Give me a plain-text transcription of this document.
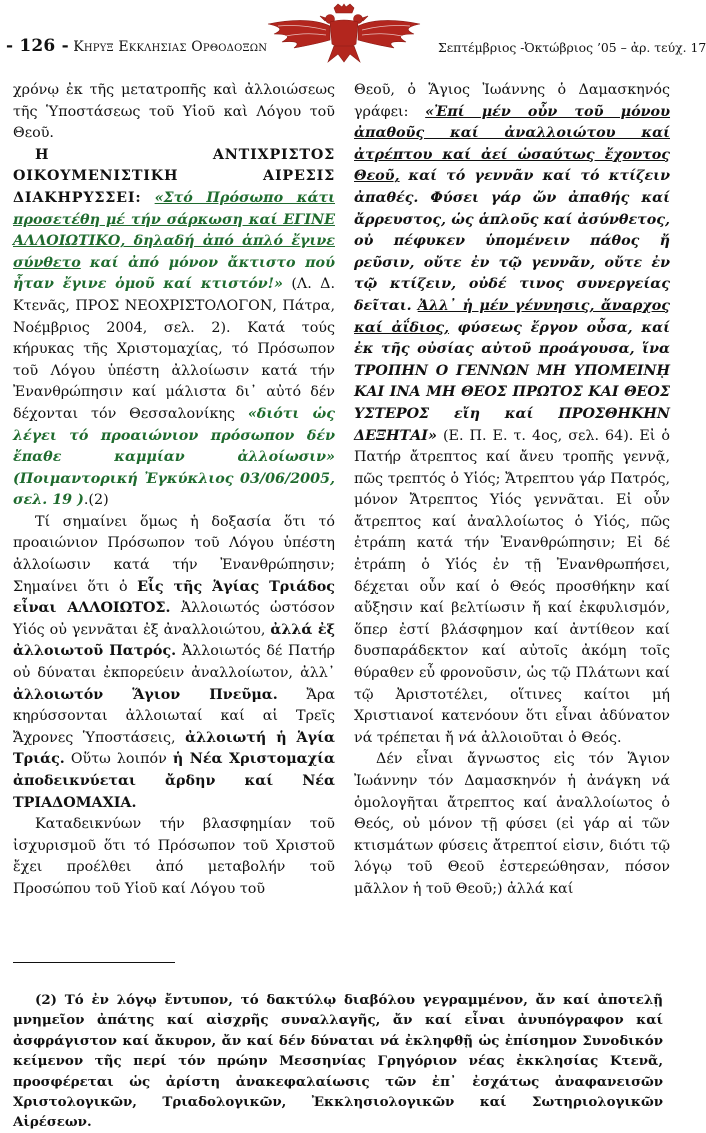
- 126 - Κηρυξ Εκκλησιας Ορθοδοξων	Σεπτέμβριος -Ὀκτώβριος ’05 – ἀρ. τεύχ. 17

χρόνῳ ἐκ τῆς μετατροπῆς καὶ ἀλλοιώσεως τῆς Ὑποστάσεως τοῦ Υἱοῦ καὶ Λόγου τοῦ Θεοῦ.

Η ΑΝΤΙΧΡΙΣΤΟΣ ΟΙΚΟΥΜΕΝΙΣΤΙΚΗ ΑΙΡΕΣΙΣ ΔΙΑΚΗΡΥΣΣΕΙ: «Στό Πρόσωπο κάτι προσετέθη μέ τήν σάρκωση καί ΕΓΙΝΕ ΑΛΛΟΙΩΤΙΚΟ, δηλαδή ἀπό ἁπλό ἔγινε σύνθετο καί ἀπό μόνον ἄκτιστο πού ἦταν ἔγινε ὁμοῦ καί κτιστόν!» (Λ. Δ. Κτενᾶς, ΠΡΟΣ ΝΕΟΧΡΙΣΤΟΛΟΓΟΝ, Πάτρα, Νοέμβριος 2004, σελ. 2). Κατά τούς κήρυκας τῆς Χριστομαχίας, τό Πρόσωπον τοῦ Λόγου ὑπέστη ἀλλοίωσιν κατά τήν Ἐνανθρώπησιν καί μάλιστα δι᾿ αὐτό δέν δέχονται τόν Θεσσαλονίκης «διότι ὡς λέγει τό προαιώνιον πρόσωπον δέν ἔπαθε καμμίαν ἀλλοίωσιν» (Ποιμαντορική Ἐγκύκλιος 03/06/2005, σελ. 19 ).(2)

Τί σημαίνει ὅμως ἡ δοξασία ὅτι τό προαιώνιον Πρόσωπον τοῦ Λόγου ὑπέστη ἀλλοίωσιν κατά τήν Ἐνανθρώπησιν; Σημαίνει ὅτι ὁ Εἷς τῆς Ἁγίας Τριάδος εἶναι ΑΛΛΟΙΩΤΟΣ. Ἀλλοιωτός ὡστόσον Υἱός οὐ γεννᾶται ἐξ ἀναλλοιώτου, ἀλλά ἐξ ἀλλοιωτοῦ Πατρός. Ἀλλοιωτός δέ Πατήρ οὐ δύναται ἐκπορεύειν ἀναλλοίωτον, ἀλλ᾿ ἀλλοιωτόν Ἅγιον Πνεῦμα. Ἄρα κηρύσσονται ἀλλοιωταί καί αἱ Τρεῖς Ἄχρονες Ὑποστάσεις, ἀλλοιωτή ἡ Ἁγία Τριάς. Οὕτω λοιπόν ἡ Νέα Χριστομαχία ἀποδεικνύεται ἄρδην καί Νέα ΤΡΙΑΔΟΜΑΧΙΑ.

Καταδεικνύων τήν βλασφημίαν τοῦ ἰσχυρισμοῦ ὅτι τό Πρόσωπον τοῦ Χριστοῦ ἔχει προέλθει ἀπό μεταβολήν τοῦ Προσώπου τοῦ Υἱοῦ καί Λόγου τοῦ

Θεοῦ, ὁ Ἅγιος Ἰωάννης ὁ Δαμασκηνός γράφει: «Ἐπί μέν οὖν τοῦ μόνου ἀπαθοῦς καί ἀναλλοιώτου καί ἀτρέπτου καί ἀεί ὡσαύτως ἔχοντος Θεοῦ, καί τό γεννᾶν καί τό κτίζειν ἀπαθές. Φύσει γάρ ὤν ἀπαθής καί ἄρρευστος, ὡς ἁπλοῦς καί ἀσύνθετος, οὐ πέφυκεν ὑπομένειν πάθος ἤ ρεῦσιν, οὔτε ἐν τῷ γεννᾶν, οὔτε ἐν τῷ κτίζειν, οὐδέ τινος συνεργείας δεῖται. Ἀλλ᾿ ἡ μέν γέννησις, ἄναρχος καί ἀΐδιος, φύσεως ἔργον οὖσα, καί ἐκ τῆς οὐσίας αὐτοῦ προάγουσα, ἵνα ΤΡΟΠΗΝ Ο ΓΕΝΝΩΝ ΜΗ ΥΠΟΜΕΙΝῌ ΚΑΙ ΙΝΑ ΜΗ ΘΕΟΣ ΠΡΩΤΟΣ ΚΑΙ ΘΕΟΣ ΥΣΤΕΡΟΣ εἴη καί ΠΡΟΣΘΗΚΗΝ ΔΕΞΗΤΑΙ» (Ε. Π. Ε. τ. 4ος, σελ. 64). Εἰ ὁ Πατήρ ἄτρεπτος καί ἄνευ τροπῆς γεννᾷ, πῶς τρεπτός ὁ Υἱός; Ἄτρεπτου γάρ Πατρός, μόνον Ἄτρεπτος Υἱός γεννᾶται. Εἰ οὖν ἄτρεπτος καί ἀναλλοίωτος ὁ Υἱός, πῶς ἐτράπη κατά τήν Ἐνανθρώπησιν; Εἰ δέ ἐτράπη ὁ Υἱός ἐν τῇ Ἐνανθρωπήσει, δέχεται οὖν καί ὁ Θεός προσθήκην καί αὔξησιν καί βελτίωσιν ἤ καί ἐκφυλισμόν, ὅπερ ἐστί βλάσφημον καί ἀντίθεον καί δυσπαράδεκτον καί αὐτοῖς ἀκόμη τοῖς θύραθεν εὖ φρονοῦσιν, ὡς τῷ Πλάτωνι καί τῷ Ἀριστοτέλει, οἵτινες καίτοι μή Χριστιανοί κατενόουν ὅτι εἶναι ἀδύνατον νά τρέπεται ἤ νά ἀλλοιοῦται ὁ Θεός.

Δέν εἶναι ἄγνωστος εἰς τόν Ἅγιον Ἰωάννην τόν Δαμασκηνόν ἡ ἀνάγκη νά ὁμολογῆται ἄτρεπτος καί ἀναλλοίωτος ὁ Θεός, οὐ μόνον τῇ φύσει (εἰ γάρ αἱ τῶν κτισμάτων φύσεις ἄτρεπτοί εἰσιν, διότι τῷ λόγῳ τοῦ Θεοῦ ἐστερεώθησαν, πόσον μᾶλλον ἡ τοῦ Θεοῦ;) ἀλλά καί

(2) Τό ἐν λόγῳ ἔντυπον, τό δακτύλῳ διαβόλου γεγραμμένον, ἄν καί ἀποτελῇ μνημεῖον ἀπάτης καί αἰσχρῆς συναλλαγῆς, ἄν καί εἶναι ἀνυπόγραφον καί ἀσφράγιστον καί ἄκυρον, ἄν καί δέν δύναται νά ἐκληφθῇ ὡς ἐπίσημον Συνοδικόν κείμενον τῆς περί τόν πρώην Μεσσηνίας Γρηγόριον νέας ἐκκλησίας Κτενᾶ, προσφέρεται ὡς ἀρίστη ἀνακεφαλαίωσις τῶν ἐπ᾿ ἐσχάτως ἀναφανεισῶν Χριστολογικῶν, Τριαδολογικῶν, Ἐκκλησιολογικῶν καί Σωτηριολογικῶν Αἱρέσεων.
